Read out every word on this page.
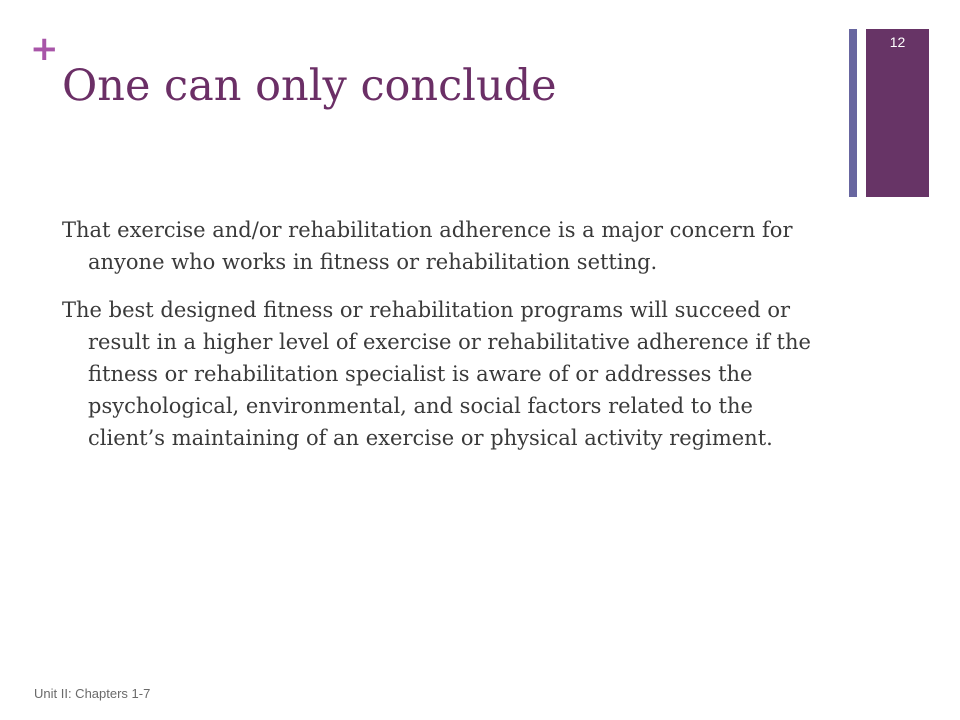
+
One can only conclude
12

That exercise and/or rehabilitation adherence is a major concern for anyone who works in fitness or rehabilitation setting.

The best designed fitness or rehabilitation programs will succeed or result in a higher level of exercise or rehabilitative adherence if the fitness or rehabilitation specialist is aware of or addresses the psychological, environmental, and social factors related to the client’s maintaining of an exercise or physical activity regiment.

Unit II: Chapters 1-7
